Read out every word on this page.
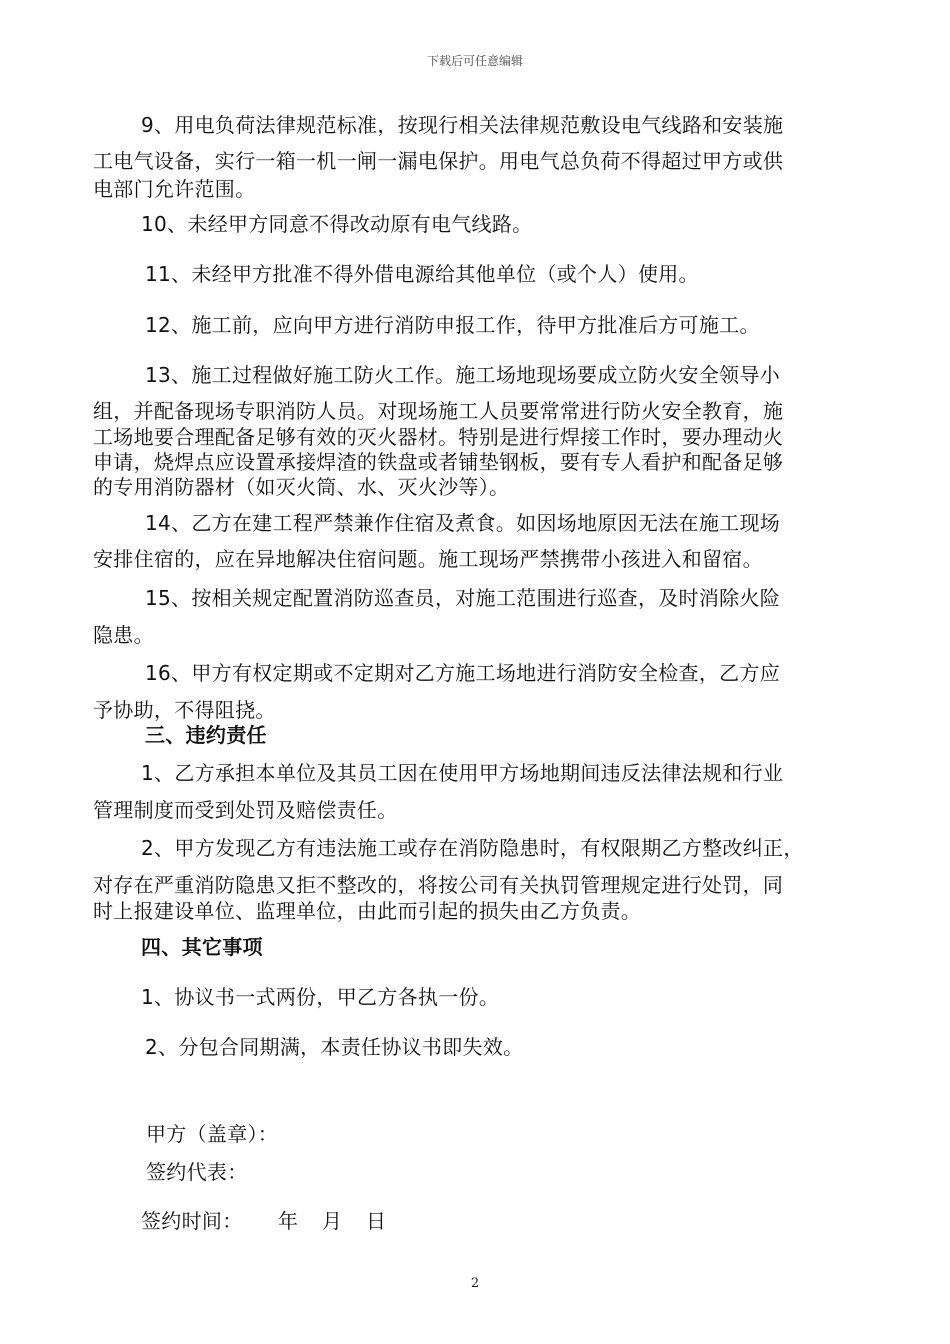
下载后可任意编辑
9、用电负荷法律规范标准，按现行相关法律规范敷设电气线路和安装施
工电气设备，实行一箱一机一闸一漏电保护。用电气总负荷不得超过甲方或供
电部门允许范围。
10、未经甲方同意不得改动原有电气线路。
11、未经甲方批准不得外借电源给其他单位（或个人）使用。
12、施工前，应向甲方进行消防申报工作，待甲方批准后方可施工。
13、施工过程做好施工防火工作。施工场地现场要成立防火安全领导小
组，并配备现场专职消防人员。对现场施工人员要常常进行防火安全教育，施
工场地要合理配备足够有效的灭火器材。特别是进行焊接工作时，要办理动火
申请，烧焊点应设置承接焊渣的铁盘或者铺垫钢板，要有专人看护和配备足够
的专用消防器材（如灭火筒、水、灭火沙等）。
14、乙方在建工程严禁兼作住宿及煮食。如因场地原因无法在施工现场
安排住宿的，应在异地解决住宿问题。施工现场严禁携带小孩进入和留宿。
15、按相关规定配置消防巡查员，对施工范围进行巡查，及时消除火险
隐患。
16、甲方有权定期或不定期对乙方施工场地进行消防安全检查，乙方应
予协助，不得阻挠。
三、违约责任
1、乙方承担本单位及其员工因在使用甲方场地期间违反法律法规和行业
管理制度而受到处罚及赔偿责任。
2、甲方发现乙方有违法施工或存在消防隐患时，有权限期乙方整改纠正，
对存在严重消防隐患又拒不整改的，将按公司有关执罚管理规定进行处罚，同
时上报建设单位、监理单位，由此而引起的损失由乙方负责。
四、其它事项
1、协议书一式两份，甲乙方各执一份。
2、分包合同期满，本责任协议书即失效。
甲方（盖章）：
签约代表：
签约时间： 年　月　日
2
